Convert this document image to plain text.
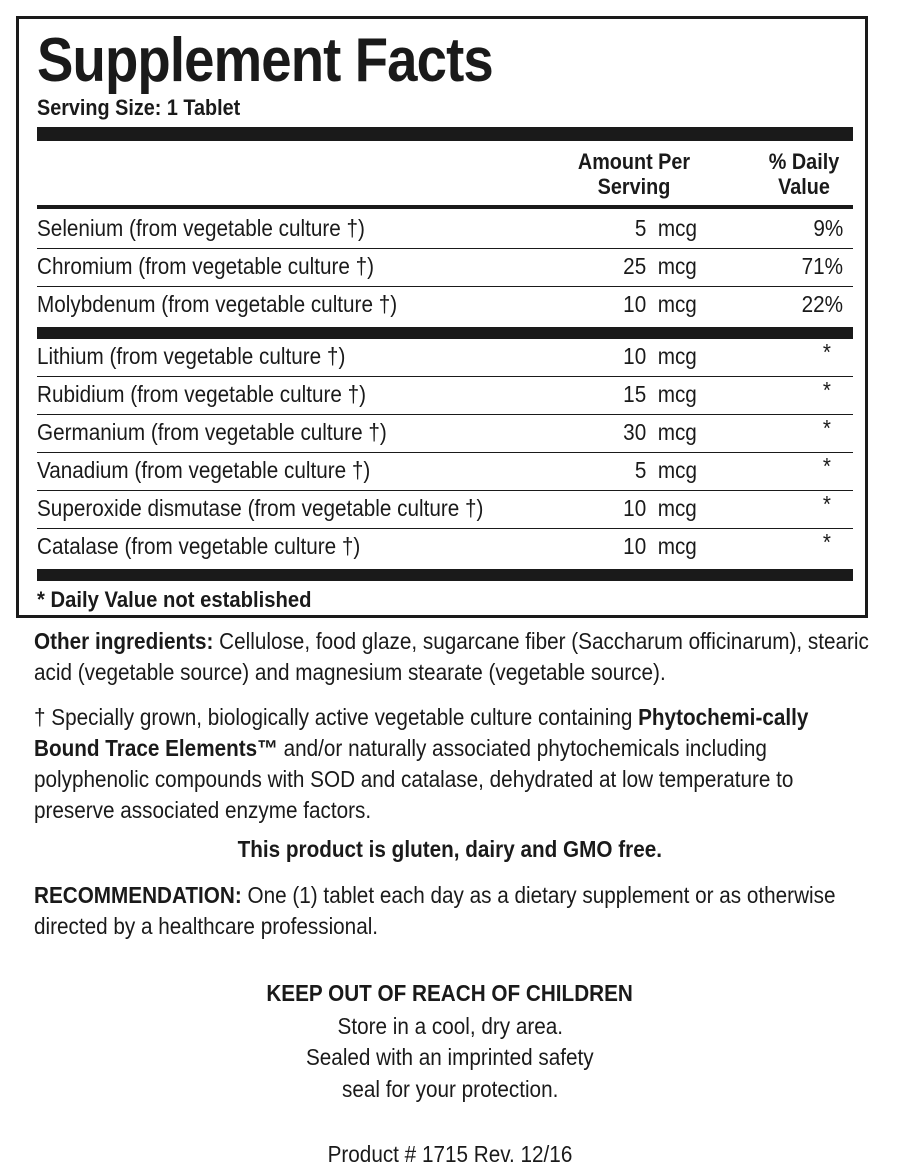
Supplement Facts
Serving Size: 1 Tablet
Amount Per
Serving
% Daily
Value
Selenium (from vegetable culture †)	5  mcg	9%
Chromium (from vegetable culture †)	25  mcg	71%
Molybdenum (from vegetable culture †)	10  mcg	22%
Lithium (from vegetable culture †)	10  mcg	*
Rubidium (from vegetable culture †)	15  mcg	*
Germanium (from vegetable culture †)	30  mcg	*
Vanadium (from vegetable culture †)	5  mcg	*
Superoxide dismutase (from vegetable culture †)	10  mcg	*
Catalase (from vegetable culture †)	10  mcg	*
* Daily Value not established
Other ingredients: Cellulose, food glaze, sugarcane fiber (Saccharum officinarum), stearic acid (vegetable source) and magnesium stearate (vegetable source).
† Specially grown, biologically active vegetable culture containing Phytochemi-cally Bound Trace Elements™ and/or naturally associated phytochemicals including polyphenolic compounds with SOD and catalase, dehydrated at low temperature to preserve associated enzyme factors.
This product is gluten, dairy and GMO free.
RECOMMENDATION: One (1) tablet each day as a dietary supplement or as otherwise directed by a healthcare professional.
KEEP OUT OF REACH OF CHILDREN
Store in a cool, dry area.
Sealed with an imprinted safety
seal for your protection.
Product # 1715 Rev. 12/16
